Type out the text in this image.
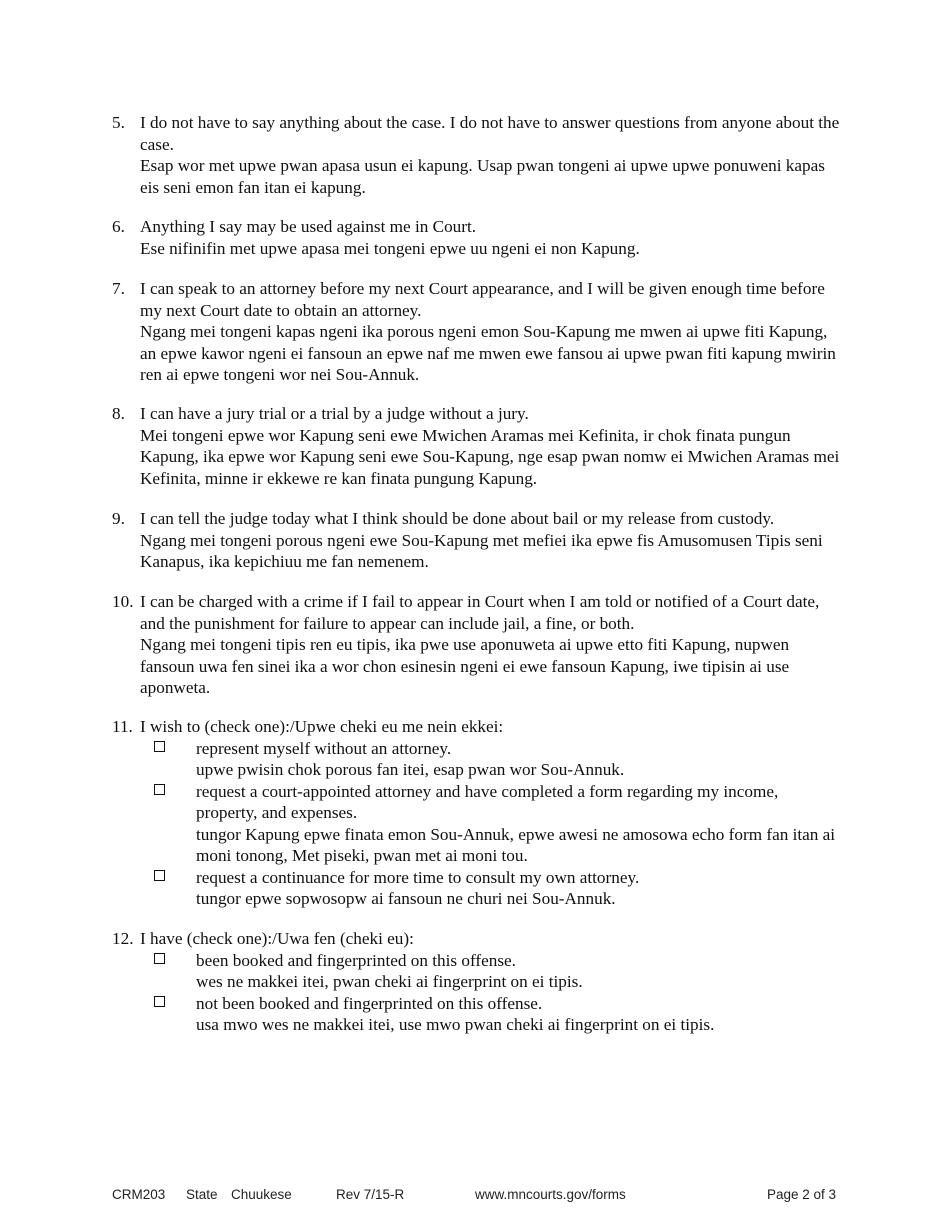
5. I do not have to say anything about the case. I do not have to answer questions from anyone about the case.
Esap wor met upwe pwan apasa usun ei kapung. Usap pwan tongeni ai upwe upwe ponuweni kapas eis seni emon fan itan ei kapung.
6. Anything I say may be used against me in Court.
Ese nifinifin met upwe apasa mei tongeni epwe uu ngeni ei non Kapung.
7. I can speak to an attorney before my next Court appearance, and I will be given enough time before my next Court date to obtain an attorney.
Ngang mei tongeni kapas ngeni ika porous ngeni emon Sou-Kapung me mwen ai upwe fiti Kapung, an epwe kawor ngeni ei fansoun an epwe naf me mwen ewe fansou ai upwe pwan fiti kapung mwirin ren ai epwe tongeni wor nei Sou-Annuk.
8. I can have a jury trial or a trial by a judge without a jury.
Mei tongeni epwe wor Kapung seni ewe Mwichen Aramas mei Kefinita, ir chok finata pungun Kapung, ika epwe wor Kapung seni ewe Sou-Kapung, nge esap pwan nomw ei Mwichen Aramas mei Kefinita, minne ir ekkewe re kan finata pungung Kapung.
9. I can tell the judge today what I think should be done about bail or my release from custody.
Ngang mei tongeni porous ngeni ewe Sou-Kapung met mefiei ika epwe fis Amusomusen Tipis seni Kanapus, ika kepichiuu me fan nemenem.
10. I can be charged with a crime if I fail to appear in Court when I am told or notified of a Court date, and the punishment for failure to appear can include jail, a fine, or both.
Ngang mei tongeni tipis ren eu tipis, ika pwe use aponuweta ai upwe etto fiti Kapung, nupwen fansoun uwa fen sinei ika a wor chon esinesin ngeni ei ewe fansoun Kapung, iwe tipisin ai use aponweta.
11. I wish to (check one):/Upwe cheki eu me nein ekkei:
represent myself without an attorney.
upwe pwisin chok porous fan itei, esap pwan wor Sou-Annuk.
request a court-appointed attorney and have completed a form regarding my income, property, and expenses.
tungor Kapung epwe finata emon Sou-Annuk, epwe awesi ne amosowa echo form fan itan ai moni tonong, Met piseki, pwan met ai moni tou.
request a continuance for more time to consult my own attorney.
tungor epwe sopwosopw ai fansoun ne churi nei Sou-Annuk.
12. I have (check one):/Uwa fen (cheki eu):
been booked and fingerprinted on this offense.
wes ne makkei itei, pwan cheki ai fingerprint on ei tipis.
not been booked and fingerprinted on this offense.
usa mwo wes ne makkei itei, use mwo pwan cheki ai fingerprint on ei tipis.
CRM203 State Chuukese	Rev 7/15-R	www.mncourts.gov/forms	Page 2 of 3
